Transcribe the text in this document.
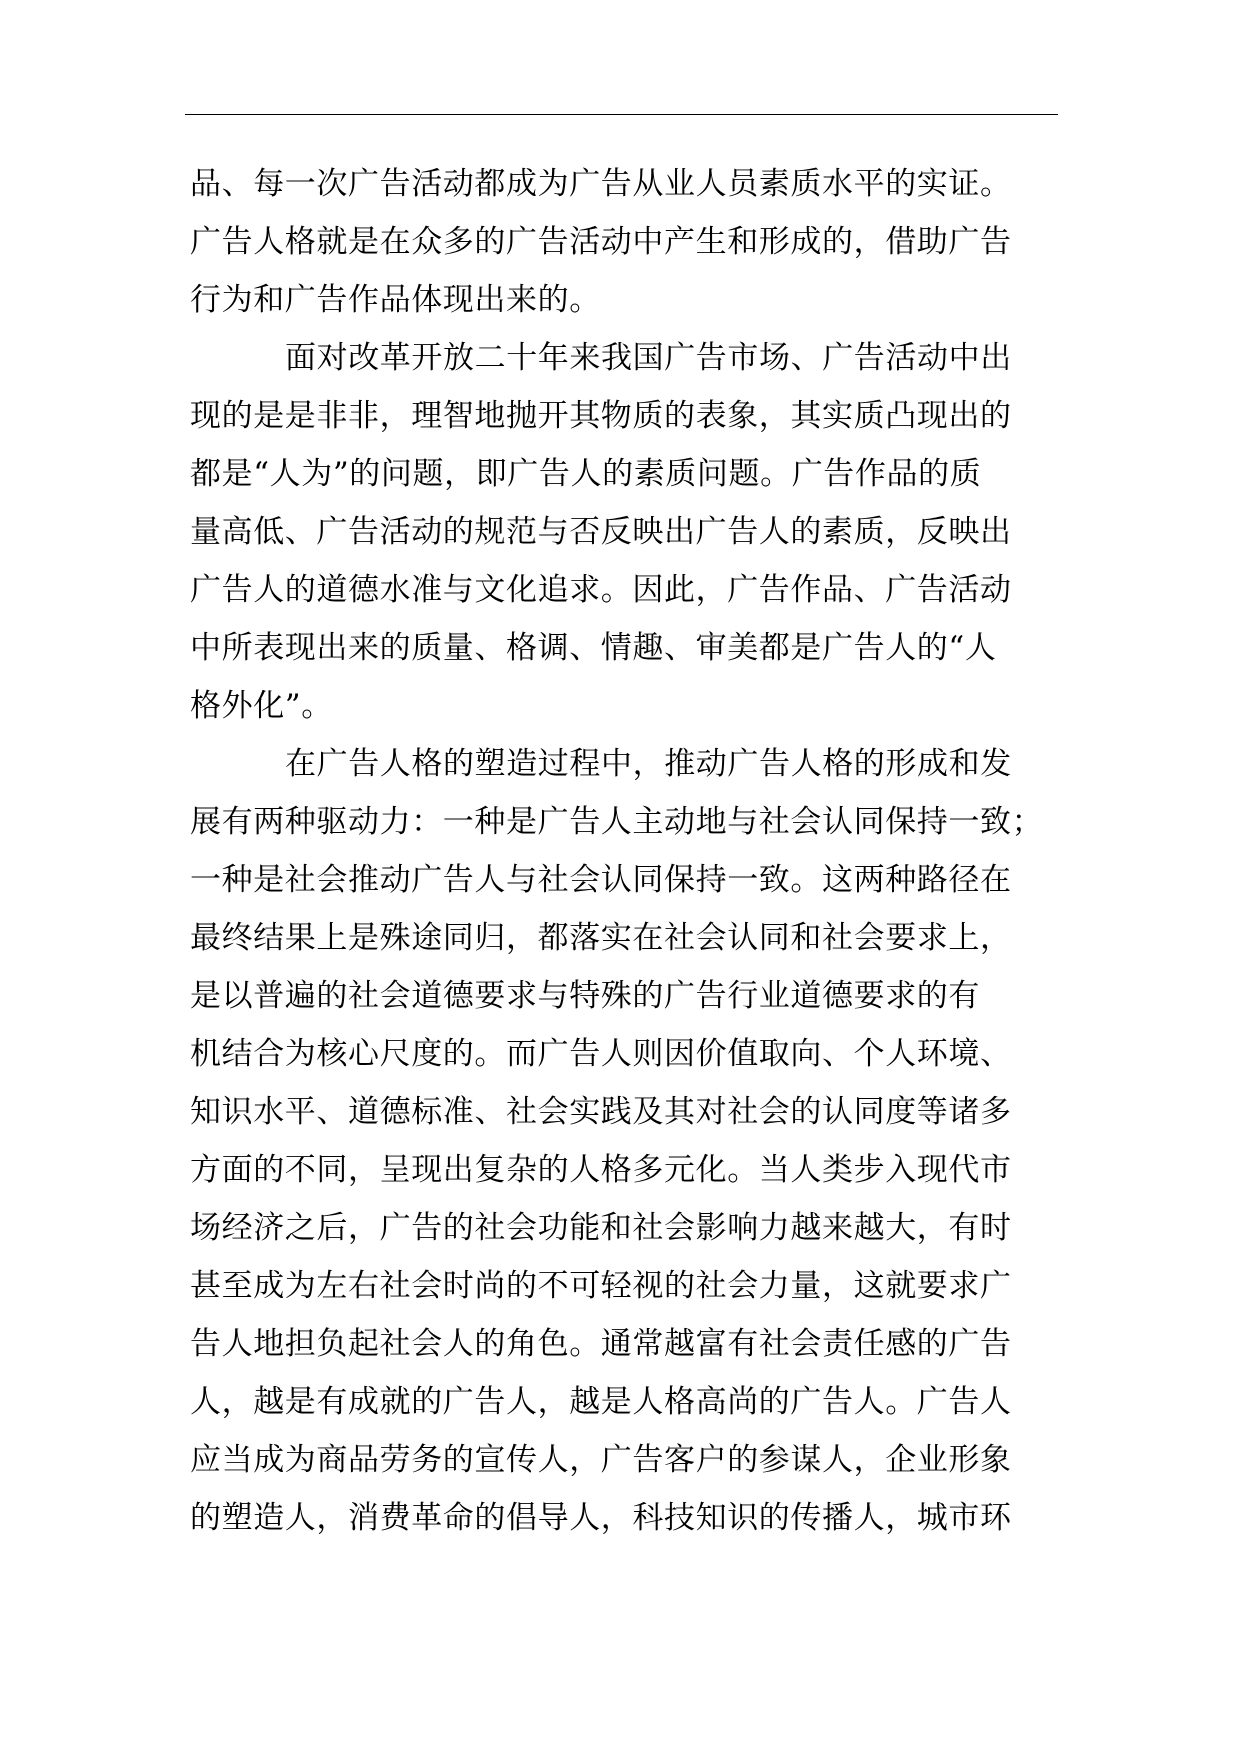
品、每一次广告活动都成为广告从业人员素质水平的实证。
广告人格就是在众多的广告活动中产生和形成的，借助广告
行为和广告作品体现出来的。
面对改革开放二十年来我国广告市场、广告活动中出
现的是是非非，理智地抛开其物质的表象，其实质凸现出的
都是“人为”的问题，即广告人的素质问题。广告作品的质
量高低、广告活动的规范与否反映出广告人的素质，反映出
广告人的道德水准与文化追求。因此，广告作品、广告活动
中所表现出来的质量、格调、情趣、审美都是广告人的“人
格外化”。
在广告人格的塑造过程中，推动广告人格的形成和发
展有两种驱动力：一种是广告人主动地与社会认同保持一致；
一种是社会推动广告人与社会认同保持一致。这两种路径在
最终结果上是殊途同归，都落实在社会认同和社会要求上，
是以普遍的社会道德要求与特殊的广告行业道德要求的有
机结合为核心尺度的。而广告人则因价值取向、个人环境、
知识水平、道德标准、社会实践及其对社会的认同度等诸多
方面的不同，呈现出复杂的人格多元化。当人类步入现代市
场经济之后，广告的社会功能和社会影响力越来越大，有时
甚至成为左右社会时尚的不可轻视的社会力量，这就要求广
告人地担负起社会人的角色。通常越富有社会责任感的广告
人，越是有成就的广告人，越是人格高尚的广告人。广告人
应当成为商品劳务的宣传人，广告客户的参谋人，企业形象
的塑造人，消费革命的倡导人，科技知识的传播人，城市环
